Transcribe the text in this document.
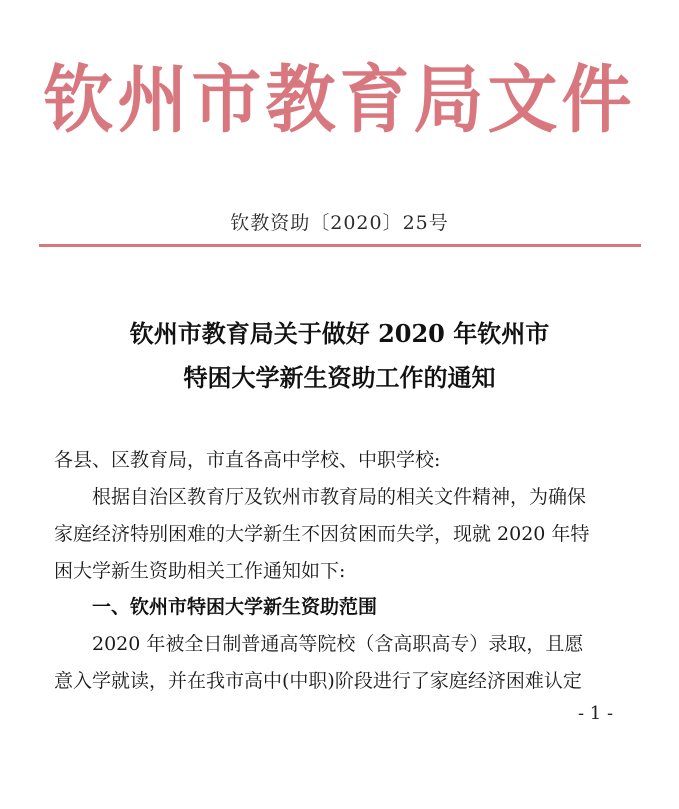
钦州市教育局文件
钦教资助〔2020〕25号
钦州市教育局关于做好 2020 年钦州市
特困大学新生资助工作的通知
各县、区教育局，市直各高中学校、中职学校:
　　根据自治区教育厅及钦州市教育局的相关文件精神，为确保
家庭经济特别困难的大学新生不因贫困而失学，现就 2020 年特
困大学新生资助相关工作通知如下:
一、钦州市特困大学新生资助范围
　　2020 年被全日制普通高等院校（含高职高专）录取，且愿
意入学就读，并在我市高中(中职)阶段进行了家庭经济困难认定
- 1 -
